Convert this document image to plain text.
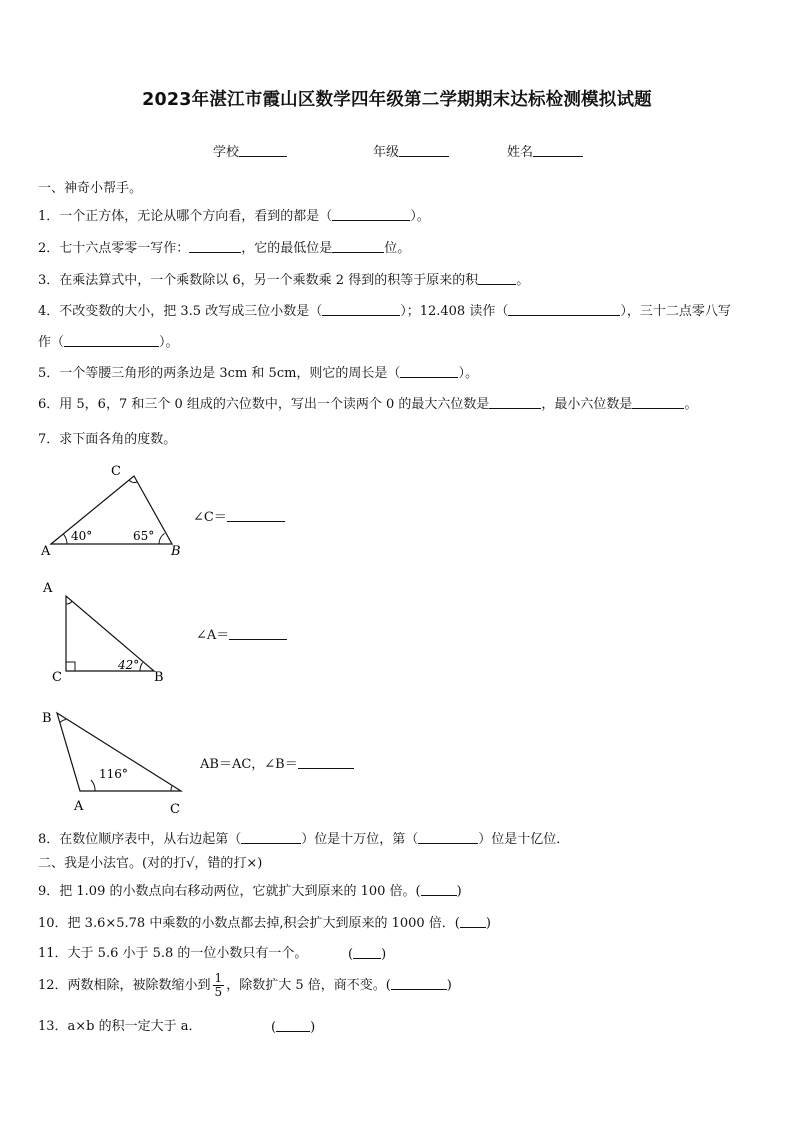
2023年湛江市霞山区数学四年级第二学期期末达标检测模拟试题
学校	年级	姓名
一、神奇小帮手。
1．一个正方体，无论从哪个方向看，看到的都是（	）。
2．七十六点零零一写作：	，它的最低位是	位。
3．在乘法算式中，一个乘数除以 6，另一个乘数乘 2 得到的积等于原来的积	。
4．不改变数的大小，把 3.5 改写成三位小数是（	）；12.408 读作（	），三十二点零八写
作（	）。
5．一个等腰三角形的两条边是 3cm 和 5cm，则它的周长是（	）。
6．用 5，6，7 和三个 0 组成的六位数中，写出一个读两个 0 的最大六位数是	，最小六位数是	。
7．求下面各角的度数。
C
A	B
40°	65°
∠C＝
A
C	B
42°
∠A＝
B
A	C
116°
AB＝AC，∠B＝
8．在数位顺序表中，从右边起第（	）位是十万位，第（	）位是十亿位．
二、我是小法官。(对的打√，错的打×)
9．把 1.09 的小数点向右移动两位，它就扩大到原来的 100 倍。(	)
10．把 3.6×5.78 中乘数的小数点都去掉,积会扩大到原来的 1000 倍．( )
11．大于 5.6 小于 5.8 的一位小数只有一个。	( )
12．两数相除，被除数缩小到 $\frac{1}{5}$ ，除数扩大 5 倍，商不变。(	)
13．a×b 的积一定大于 a．	(	)
